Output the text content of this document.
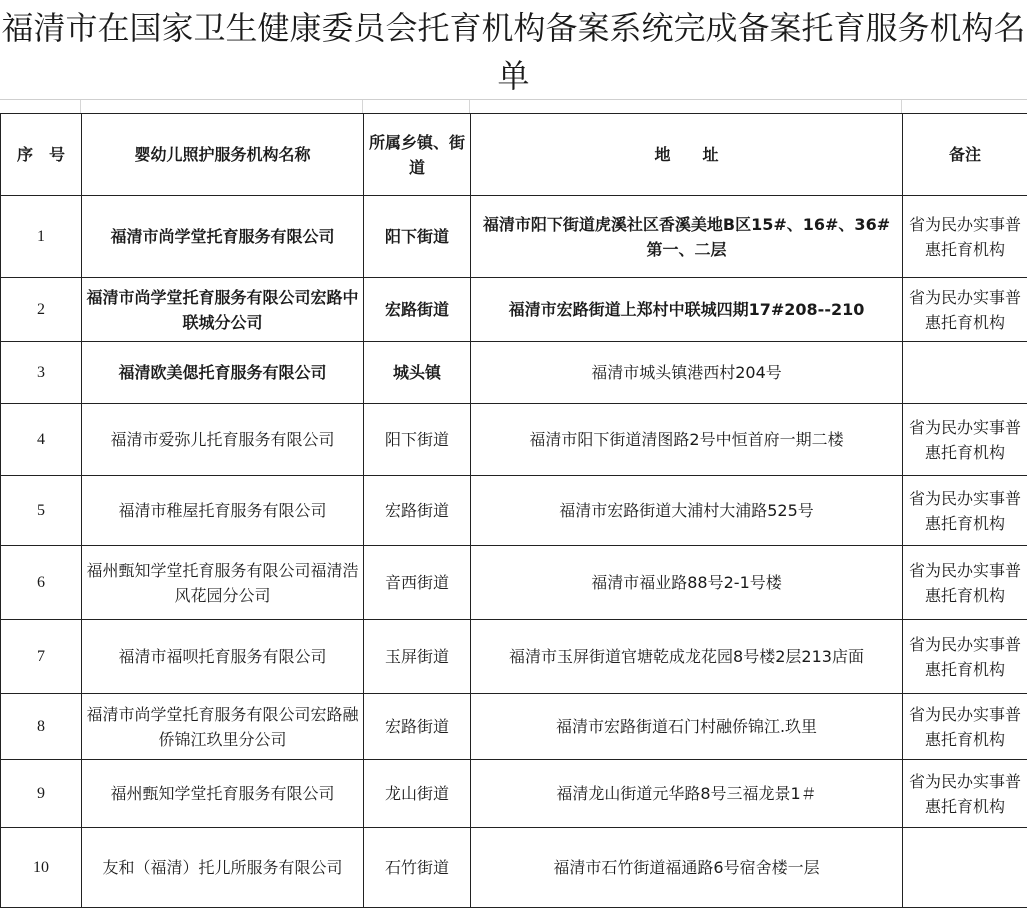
福清市在国家卫生健康委员会托育机构备案系统完成备案托育服务机构名单
序　号	婴幼儿照护服务机构名称	所属乡镇、街道	地　　址	备注
1	福清市尚学堂托育服务有限公司	阳下街道	福清市阳下街道虎溪社区香溪美地B区15#、16#、36#第一、二层	省为民办实事普惠托育机构
2	福清市尚学堂托育服务有限公司宏路中联城分公司	宏路街道	福清市宏路街道上郑村中联城四期17#208--210	省为民办实事普惠托育机构
3	福清欧美偲托育服务有限公司	城头镇	福清市城头镇港西村204号	
4	福清市爱弥儿托育服务有限公司	阳下街道	福清市阳下街道清图路2号中恒首府一期二楼	省为民办实事普惠托育机构
5	福清市稚屋托育服务有限公司	宏路街道	福清市宏路街道大浦村大浦路525号	省为民办实事普惠托育机构
6	福州甄知学堂托育服务有限公司福清浩风花园分公司	音西街道	福清市福业路88号2-1号楼	省为民办实事普惠托育机构
7	福清市福呗托育服务有限公司	玉屏街道	福清市玉屏街道官塘乾成龙花园8号楼2层213店面	省为民办实事普惠托育机构
8	福清市尚学堂托育服务有限公司宏路融侨锦江玖里分公司	宏路街道	福清市宏路街道石门村融侨锦江.玖里	省为民办实事普惠托育机构
9	福州甄知学堂托育服务有限公司	龙山街道	福清龙山街道元华路8号三福龙景1＃	省为民办实事普惠托育机构
10	友和（福清）托儿所服务有限公司	石竹街道	福清市石竹街道福通路6号宿舍楼一层	
